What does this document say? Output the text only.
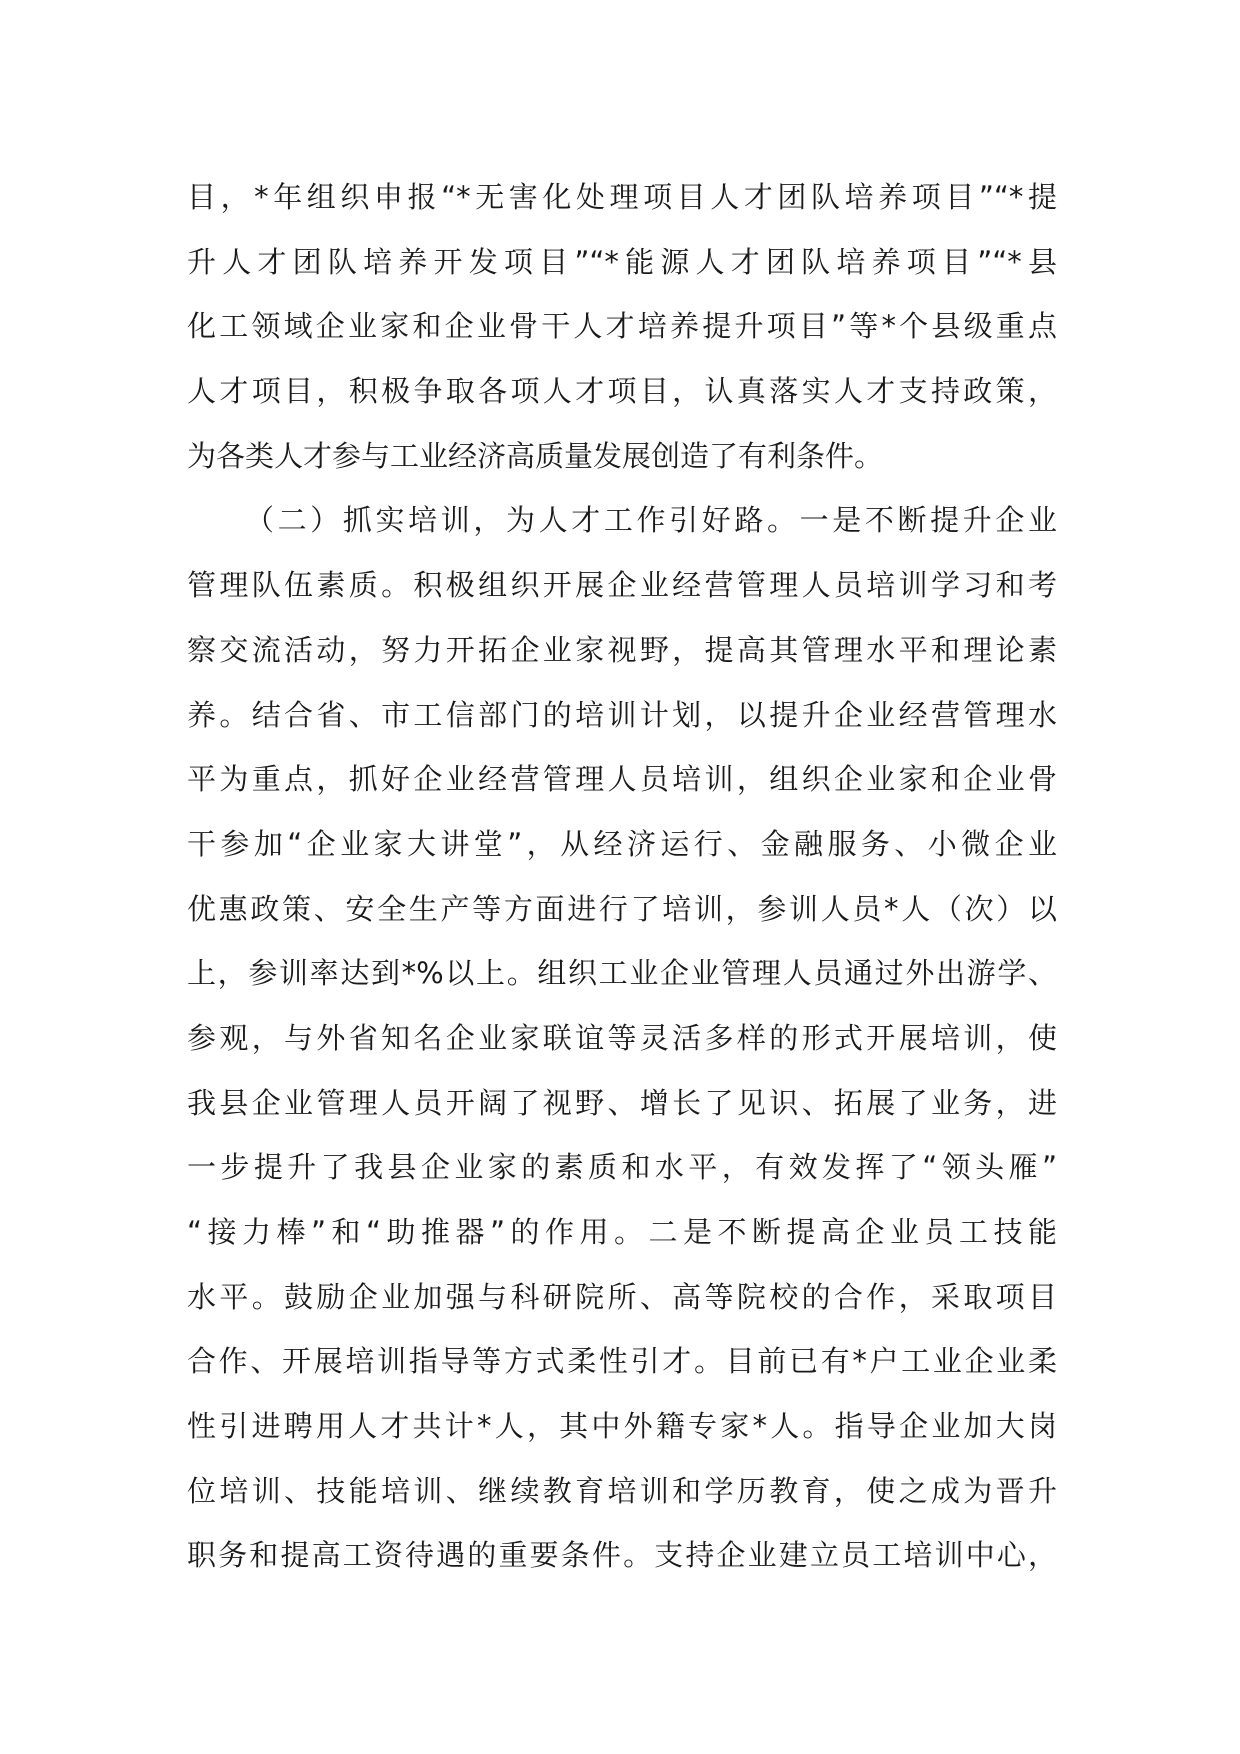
目，*年组织申报“*无害化处理项目人才团队培养项目”“*提
升人才团队培养开发项目”“*能源人才团队培养项目”“*县
化工领域企业家和企业骨干人才培养提升项目”等*个县级重点
人才项目，积极争取各项人才项目，认真落实人才支持政策，
为各类人才参与工业经济高质量发展创造了有利条件。
（二）抓实培训，为人才工作引好路。一是不断提升企业
管理队伍素质。积极组织开展企业经营管理人员培训学习和考
察交流活动，努力开拓企业家视野，提高其管理水平和理论素
养。结合省、市工信部门的培训计划，以提升企业经营管理水
平为重点，抓好企业经营管理人员培训，组织企业家和企业骨
干参加“企业家大讲堂”，从经济运行、金融服务、小微企业
优惠政策、安全生产等方面进行了培训，参训人员*人（次）以
上，参训率达到*%以上。组织工业企业管理人员通过外出游学、
参观，与外省知名企业家联谊等灵活多样的形式开展培训，使
我县企业管理人员开阔了视野、增长了见识、拓展了业务，进
一步提升了我县企业家的素质和水平，有效发挥了“领头雁”
“接力棒”和“助推器”的作用。二是不断提高企业员工技能
水平。鼓励企业加强与科研院所、高等院校的合作，采取项目
合作、开展培训指导等方式柔性引才。目前已有*户工业企业柔
性引进聘用人才共计*人，其中外籍专家*人。指导企业加大岗
位培训、技能培训、继续教育培训和学历教育，使之成为晋升
职务和提高工资待遇的重要条件。支持企业建立员工培训中心，
